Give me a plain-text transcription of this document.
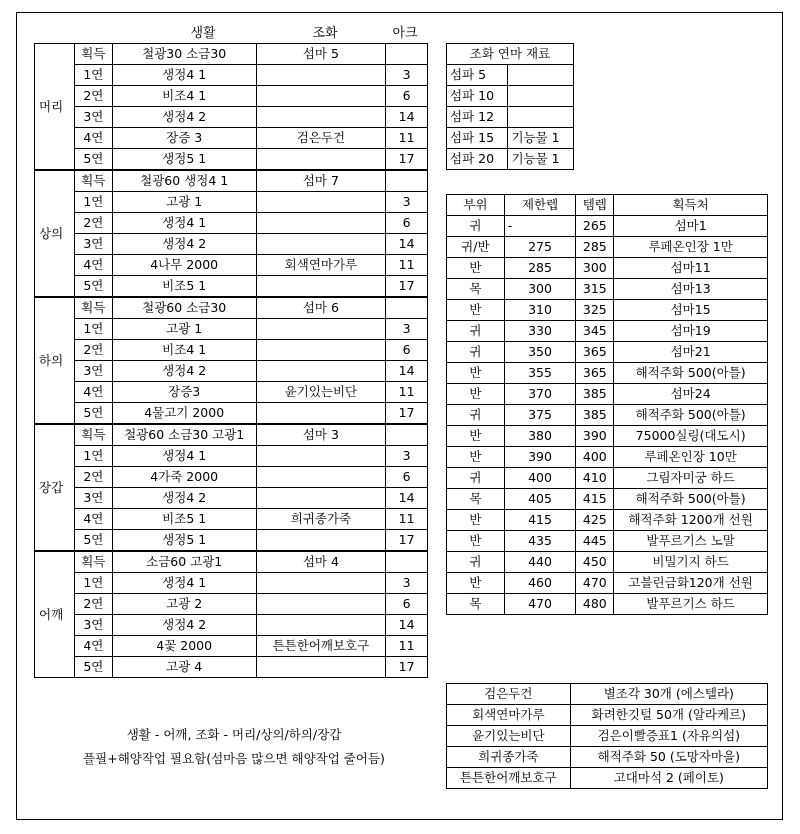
생활	조화	아크
머리	획득	철광30 소금30	섬마 5	
	1연	생정4 1		3
	2연	비조4 1		6
	3연	생정4 2		14
	4연	장증 3	검은두건	11
	5연	생정5 1		17
상의	획득	철광60 생정4 1	섬마 7	
	1연	고광 1		3
	2연	생정4 1		6
	3연	생정4 2		14
	4연	4나무 2000	회색연마가루	11
	5연	비조5 1		17
하의	획득	철광60 소금30	섬마 6	
	1연	고광 1		3
	2연	비조4 1		6
	3연	생정4 2		14
	4연	장증3	윤기있는비단	11
	5연	4물고기 2000		17
장갑	획득	철광60 소금30 고광1	섬마 3	
	1연	생정4 1		3
	2연	4가죽 2000		6
	3연	생정4 2		14
	4연	비조5 1	희귀종가죽	11
	5연	생정5 1		17
어깨	획득	소금60 고광1	섬마 4	
	1연	생정4 1		3
	2연	고광 2		6
	3연	생정4 2		14
	4연	4꽃 2000	튼튼한어깨보호구	11
	5연	고광 4		17
조화 연마 재료	
섬파 5	
섬파 10	
섬파 12	
섬파 15	기능물 1
섬파 20	기능물 1
부위	제한렙	템렙	획득처
귀	-	265	섬마1
귀/반	275	285	루페온인장 1만
반	285	300	섬마11
목	300	315	섬마13
반	310	325	섬마15
귀	330	345	섬마19
귀	350	365	섬마21
반	355	365	해적주화 500(아틀)
반	370	385	섬마24
귀	375	385	해적주화 500(아틀)
반	380	390	75000실링(대도시)
반	390	400	루페온인장 10만
귀	400	410	그림자미궁 하드
목	405	415	해적주화 500(아틀)
반	415	425	해적주화 1200개 선원
반	435	445	발푸르기스 노말
귀	440	450	비밀기지 하드
반	460	470	고블린금화120개 선원
목	470	480	발푸르기스 하드
검은두건	별조각 30개 (에스텔라)
회색연마가루	화려한깃털 50개 (알라케르)
윤기있는비단	검은이빨증표1 (자유의섬)
희귀종가죽	해적주화 50 (도망자마을)
튼튼한어깨보호구	고대마석 2 (페이토)
생활 - 어깨, 조화 - 머리/상의/하의/장갑
플필+해양작업 필요함(섬마음 많으면 해양작업 줄어듬)
